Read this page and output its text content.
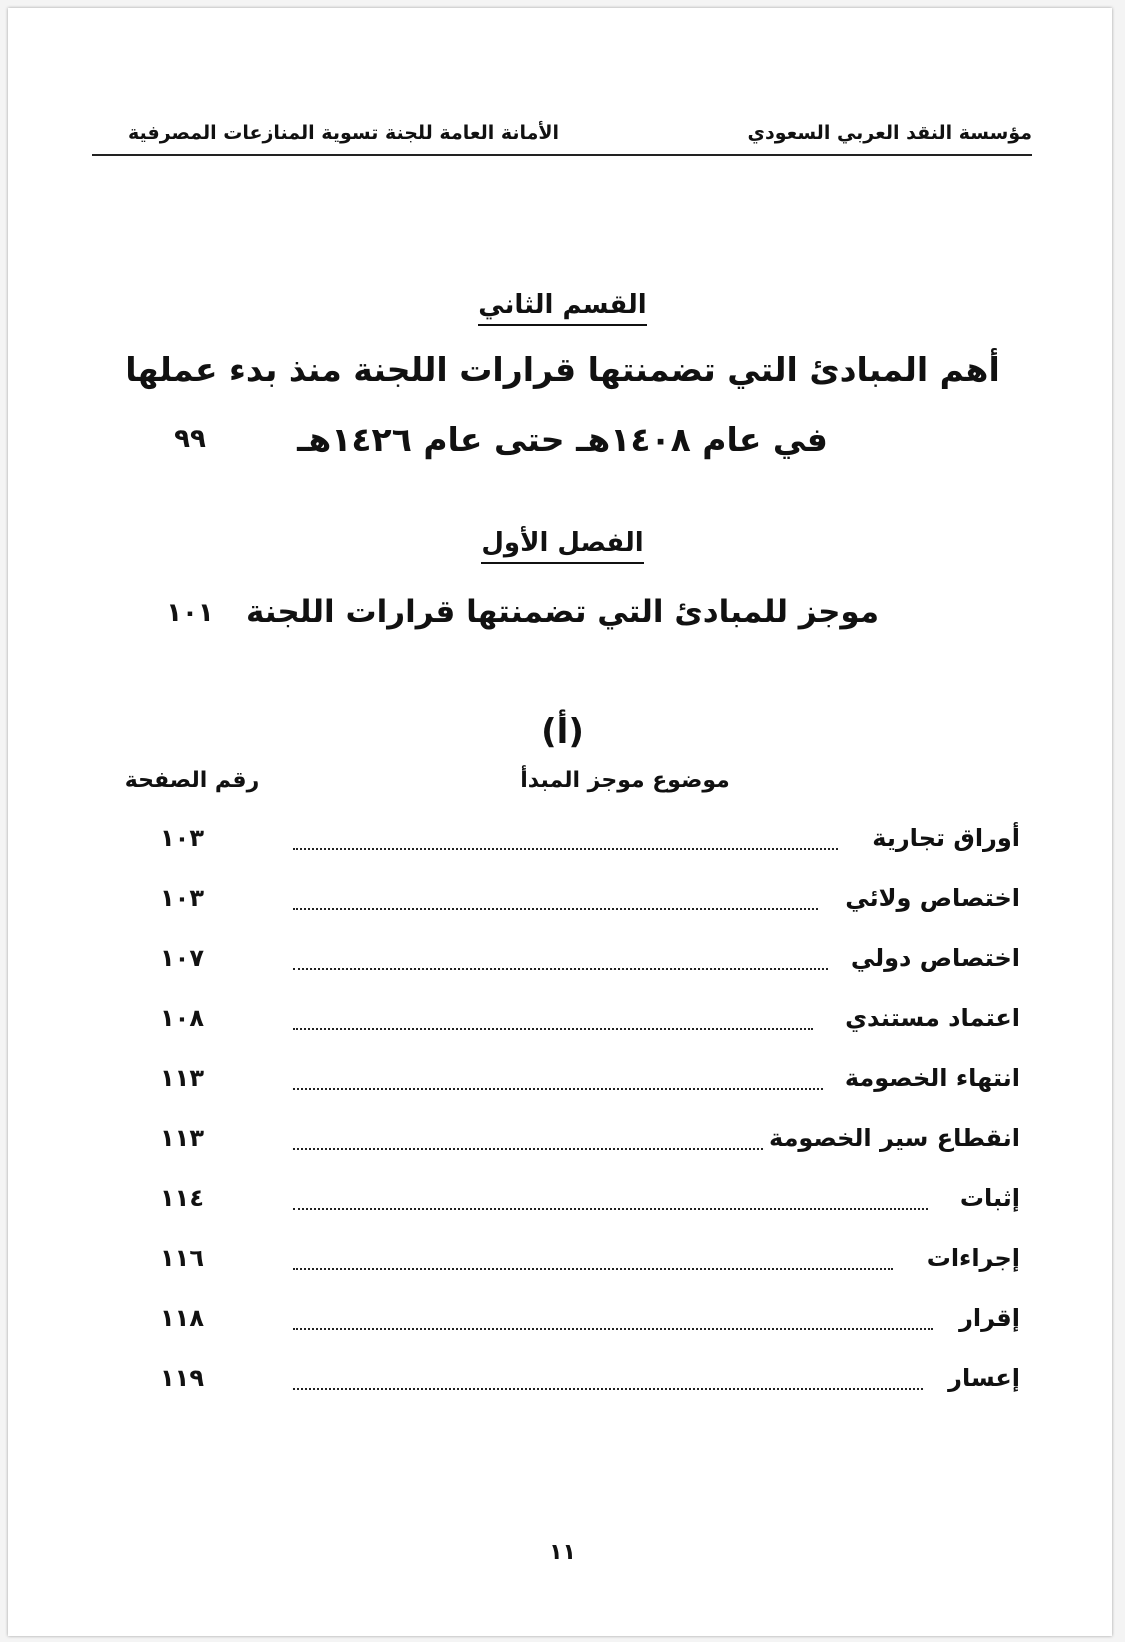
مؤسسة النقد العربي السعودي
الأمانة العامة للجنة تسوية المنازعات المصرفية
القسم الثاني
أهم المبادئ التي تضمنتها قرارات اللجنة منذ بدء عملها
في عام ١٤٠٨هـ حتى عام ١٤٢٦هـ
٩٩
الفصل الأول
موجز للمبادئ التي تضمنتها قرارات اللجنة
١٠١
(أ)
موضوع موجز المبدأ
رقم الصفحة
أوراق تجارية
١٠٣
اختصاص ولائي
١٠٣
اختصاص دولي
١٠٧
اعتماد مستندي
١٠٨
انتهاء الخصومة
١١٣
انقطاع سير الخصومة
١١٣
إثبات
١١٤
إجراءات
١١٦
إقرار
١١٨
إعسار
١١٩
١١
